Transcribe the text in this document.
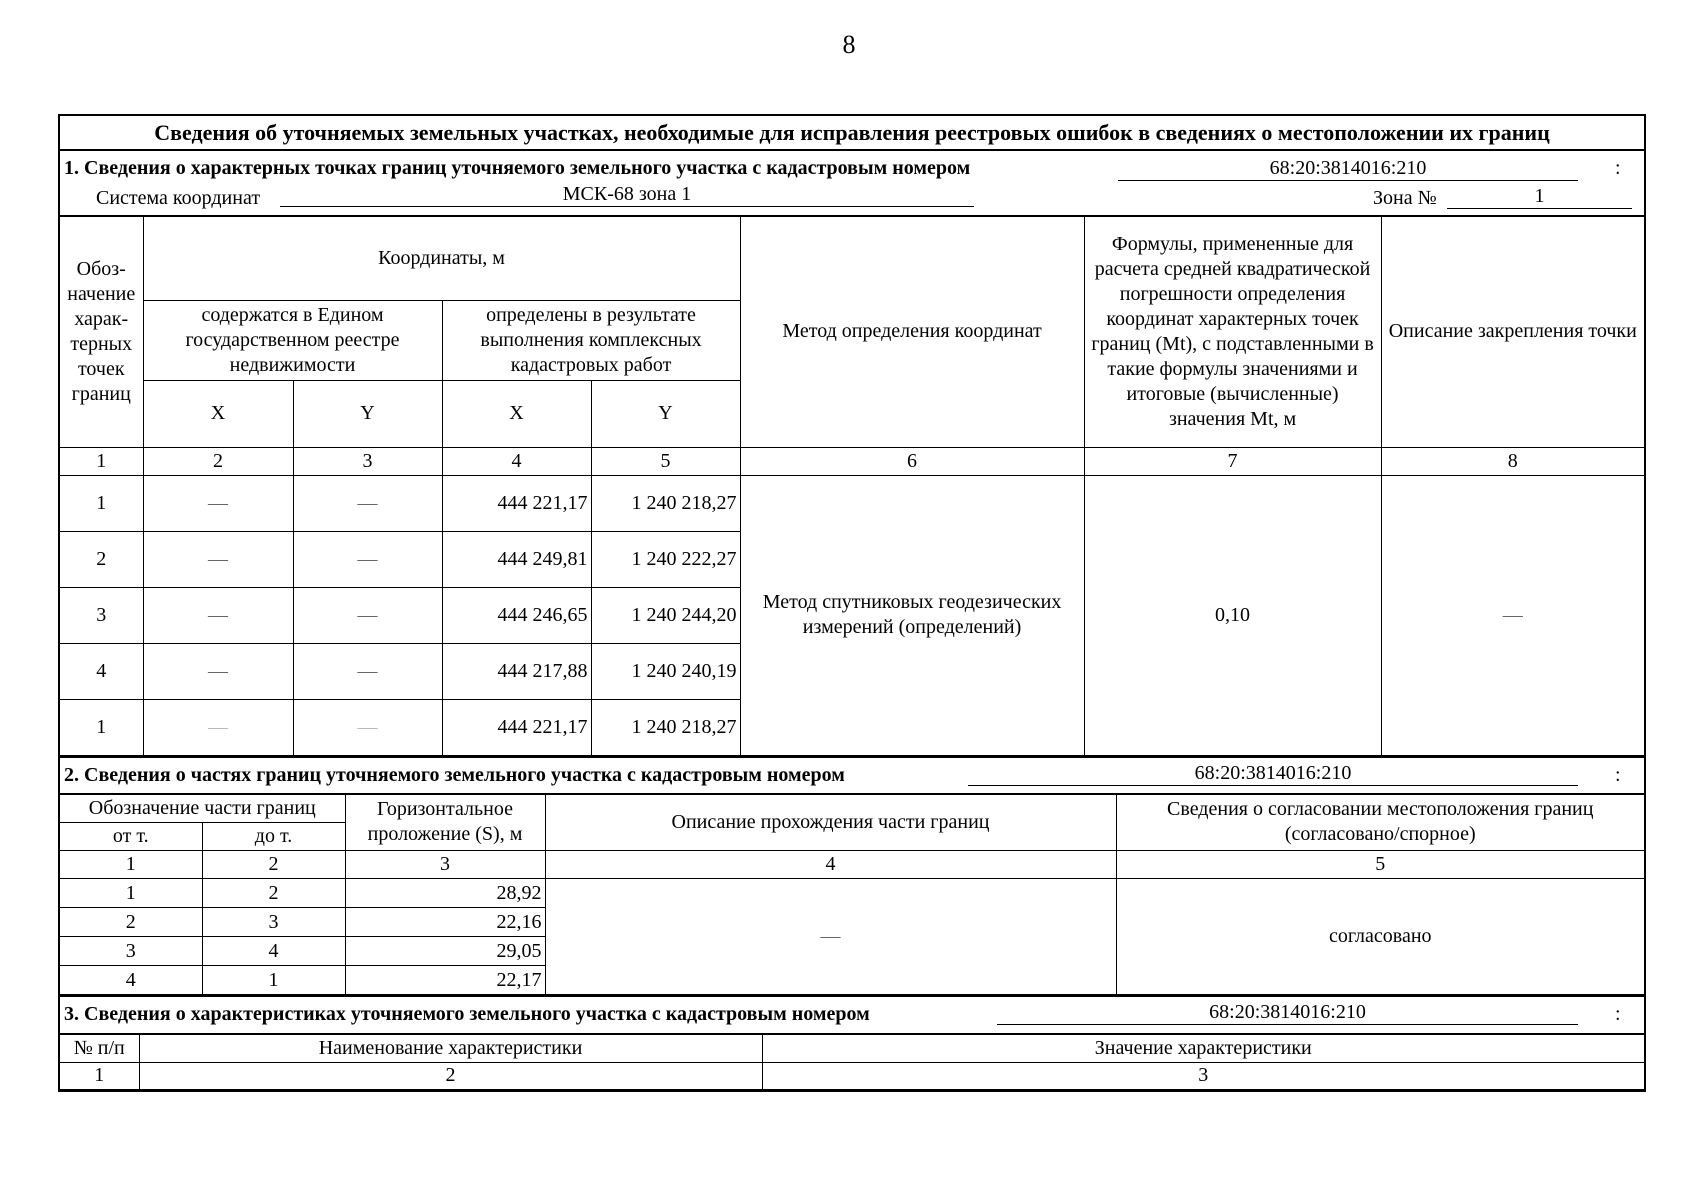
8
Сведения об уточняемых земельных участках, необходимые для исправления реестровых ошибок в сведениях о местоположении их границ
1. Сведения о характерных точках границ уточняемого земельного участка с кадастровым номером	68:20:3814016:210	:
Система координат	МСК-68 зона 1	Зона №	1
Обоз-начение харак-терных точек границ	Координаты, м				Метод определения координат	Формулы, примененные для расчета средней квадратической погрешности определения координат характерных точек границ (Mt), с подставленными в такие формулы значениями и итоговые (вычисленные) значения Mt, м	Описание закрепления точки
	содержатся в Едином государственном реестре недвижимости		определены в результате выполнения комплексных кадастровых работ				
	X	Y	X	Y			
1	2	3	4	5	6	7	8
1	—	—	444 221,17	1 240 218,27	Метод спутниковых геодезических измерений (определений)	0,10	—
2	—	—	444 249,81	1 240 222,27			
3	—	—	444 246,65	1 240 244,20			
4	—	—	444 217,88	1 240 240,19			
1	—	—	444 221,17	1 240 218,27			
2. Сведения о частях границ уточняемого земельного участка с кадастровым номером	68:20:3814016:210	:
Обозначение части границ		Горизонтальное проложение (S), м	Описание прохождения части границ	Сведения о согласовании местоположения границ (согласовано/спорное)
от т.	до т.			
1	2	3	4	5
1	2	28,92	—	согласовано
2	3	22,16		
3	4	29,05		
4	1	22,17		
3. Сведения о характеристиках уточняемого земельного участка с кадастровым номером	68:20:3814016:210	:
№ п/п	Наименование характеристики	Значение характеристики
1	2	3
